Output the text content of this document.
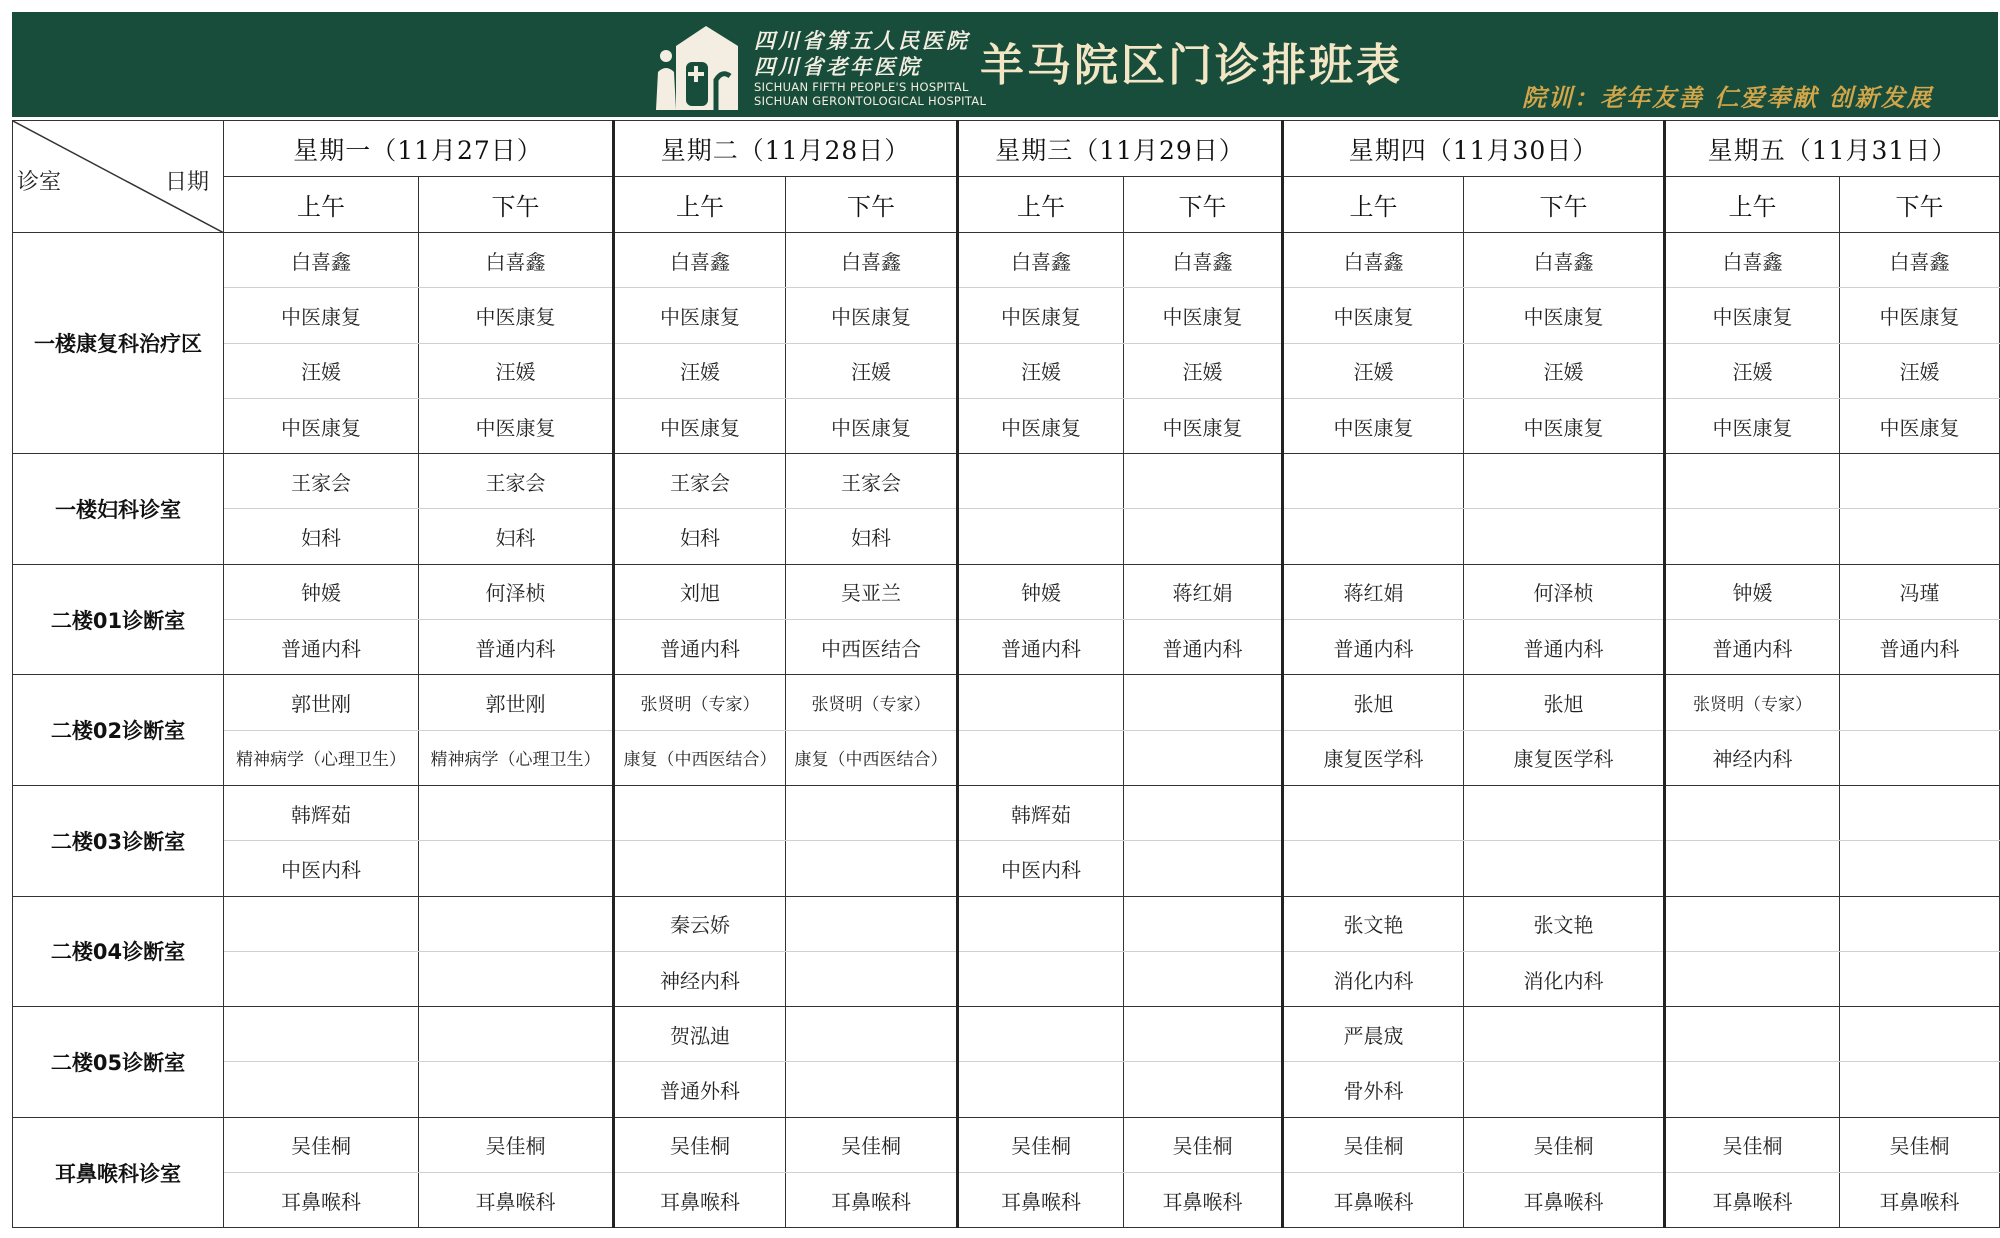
四川省第五人民医院
四川省老年医院
SICHUAN FIFTH PEOPLE'S HOSPITAL
SICHUAN GERONTOLOGICAL HOSPITAL
羊马院区门诊排班表
院训：老年友善 仁爱奉献 创新发展
诊室 日期	星期一（11月27日）		星期二（11月28日）		星期三（11月29日）		星期四（11月30日）		星期五（11月31日）	
	上午	下午	上午	下午	上午	下午	上午	下午	上午	下午
一楼康复科治疗区	白喜鑫	白喜鑫	白喜鑫	白喜鑫	白喜鑫	白喜鑫	白喜鑫	白喜鑫	白喜鑫	白喜鑫
	中医康复	中医康复	中医康复	中医康复	中医康复	中医康复	中医康复	中医康复	中医康复	中医康复
	汪媛	汪媛	汪媛	汪媛	汪媛	汪媛	汪媛	汪媛	汪媛	汪媛
	中医康复	中医康复	中医康复	中医康复	中医康复	中医康复	中医康复	中医康复	中医康复	中医康复
一楼妇科诊室	王家会	王家会	王家会	王家会						
	妇科	妇科	妇科	妇科						
二楼01诊断室	钟媛	何泽桢	刘旭	吴亚兰	钟媛	蒋红娟	蒋红娟	何泽桢	钟媛	冯瑾
	普通内科	普通内科	普通内科	中西医结合	普通内科	普通内科	普通内科	普通内科	普通内科	普通内科
二楼02诊断室	郭世刚	郭世刚	张贤明（专家）	张贤明（专家）			张旭	张旭	张贤明（专家）	
	精神病学（心理卫生）	精神病学（心理卫生）	康复（中西医结合）	康复（中西医结合）			康复医学科	康复医学科	神经内科	
二楼03诊断室	韩辉茹				韩辉茹					
	中医内科				中医内科					
二楼04诊断室			秦云娇				张文艳	张文艳		
			神经内科				消化内科	消化内科		
二楼05诊断室			贺泓迪				严晨宬			
			普通外科				骨外科			
耳鼻喉科诊室	吴佳桐	吴佳桐	吴佳桐	吴佳桐	吴佳桐	吴佳桐	吴佳桐	吴佳桐	吴佳桐	吴佳桐
	耳鼻喉科	耳鼻喉科	耳鼻喉科	耳鼻喉科	耳鼻喉科	耳鼻喉科	耳鼻喉科	耳鼻喉科	耳鼻喉科	耳鼻喉科
